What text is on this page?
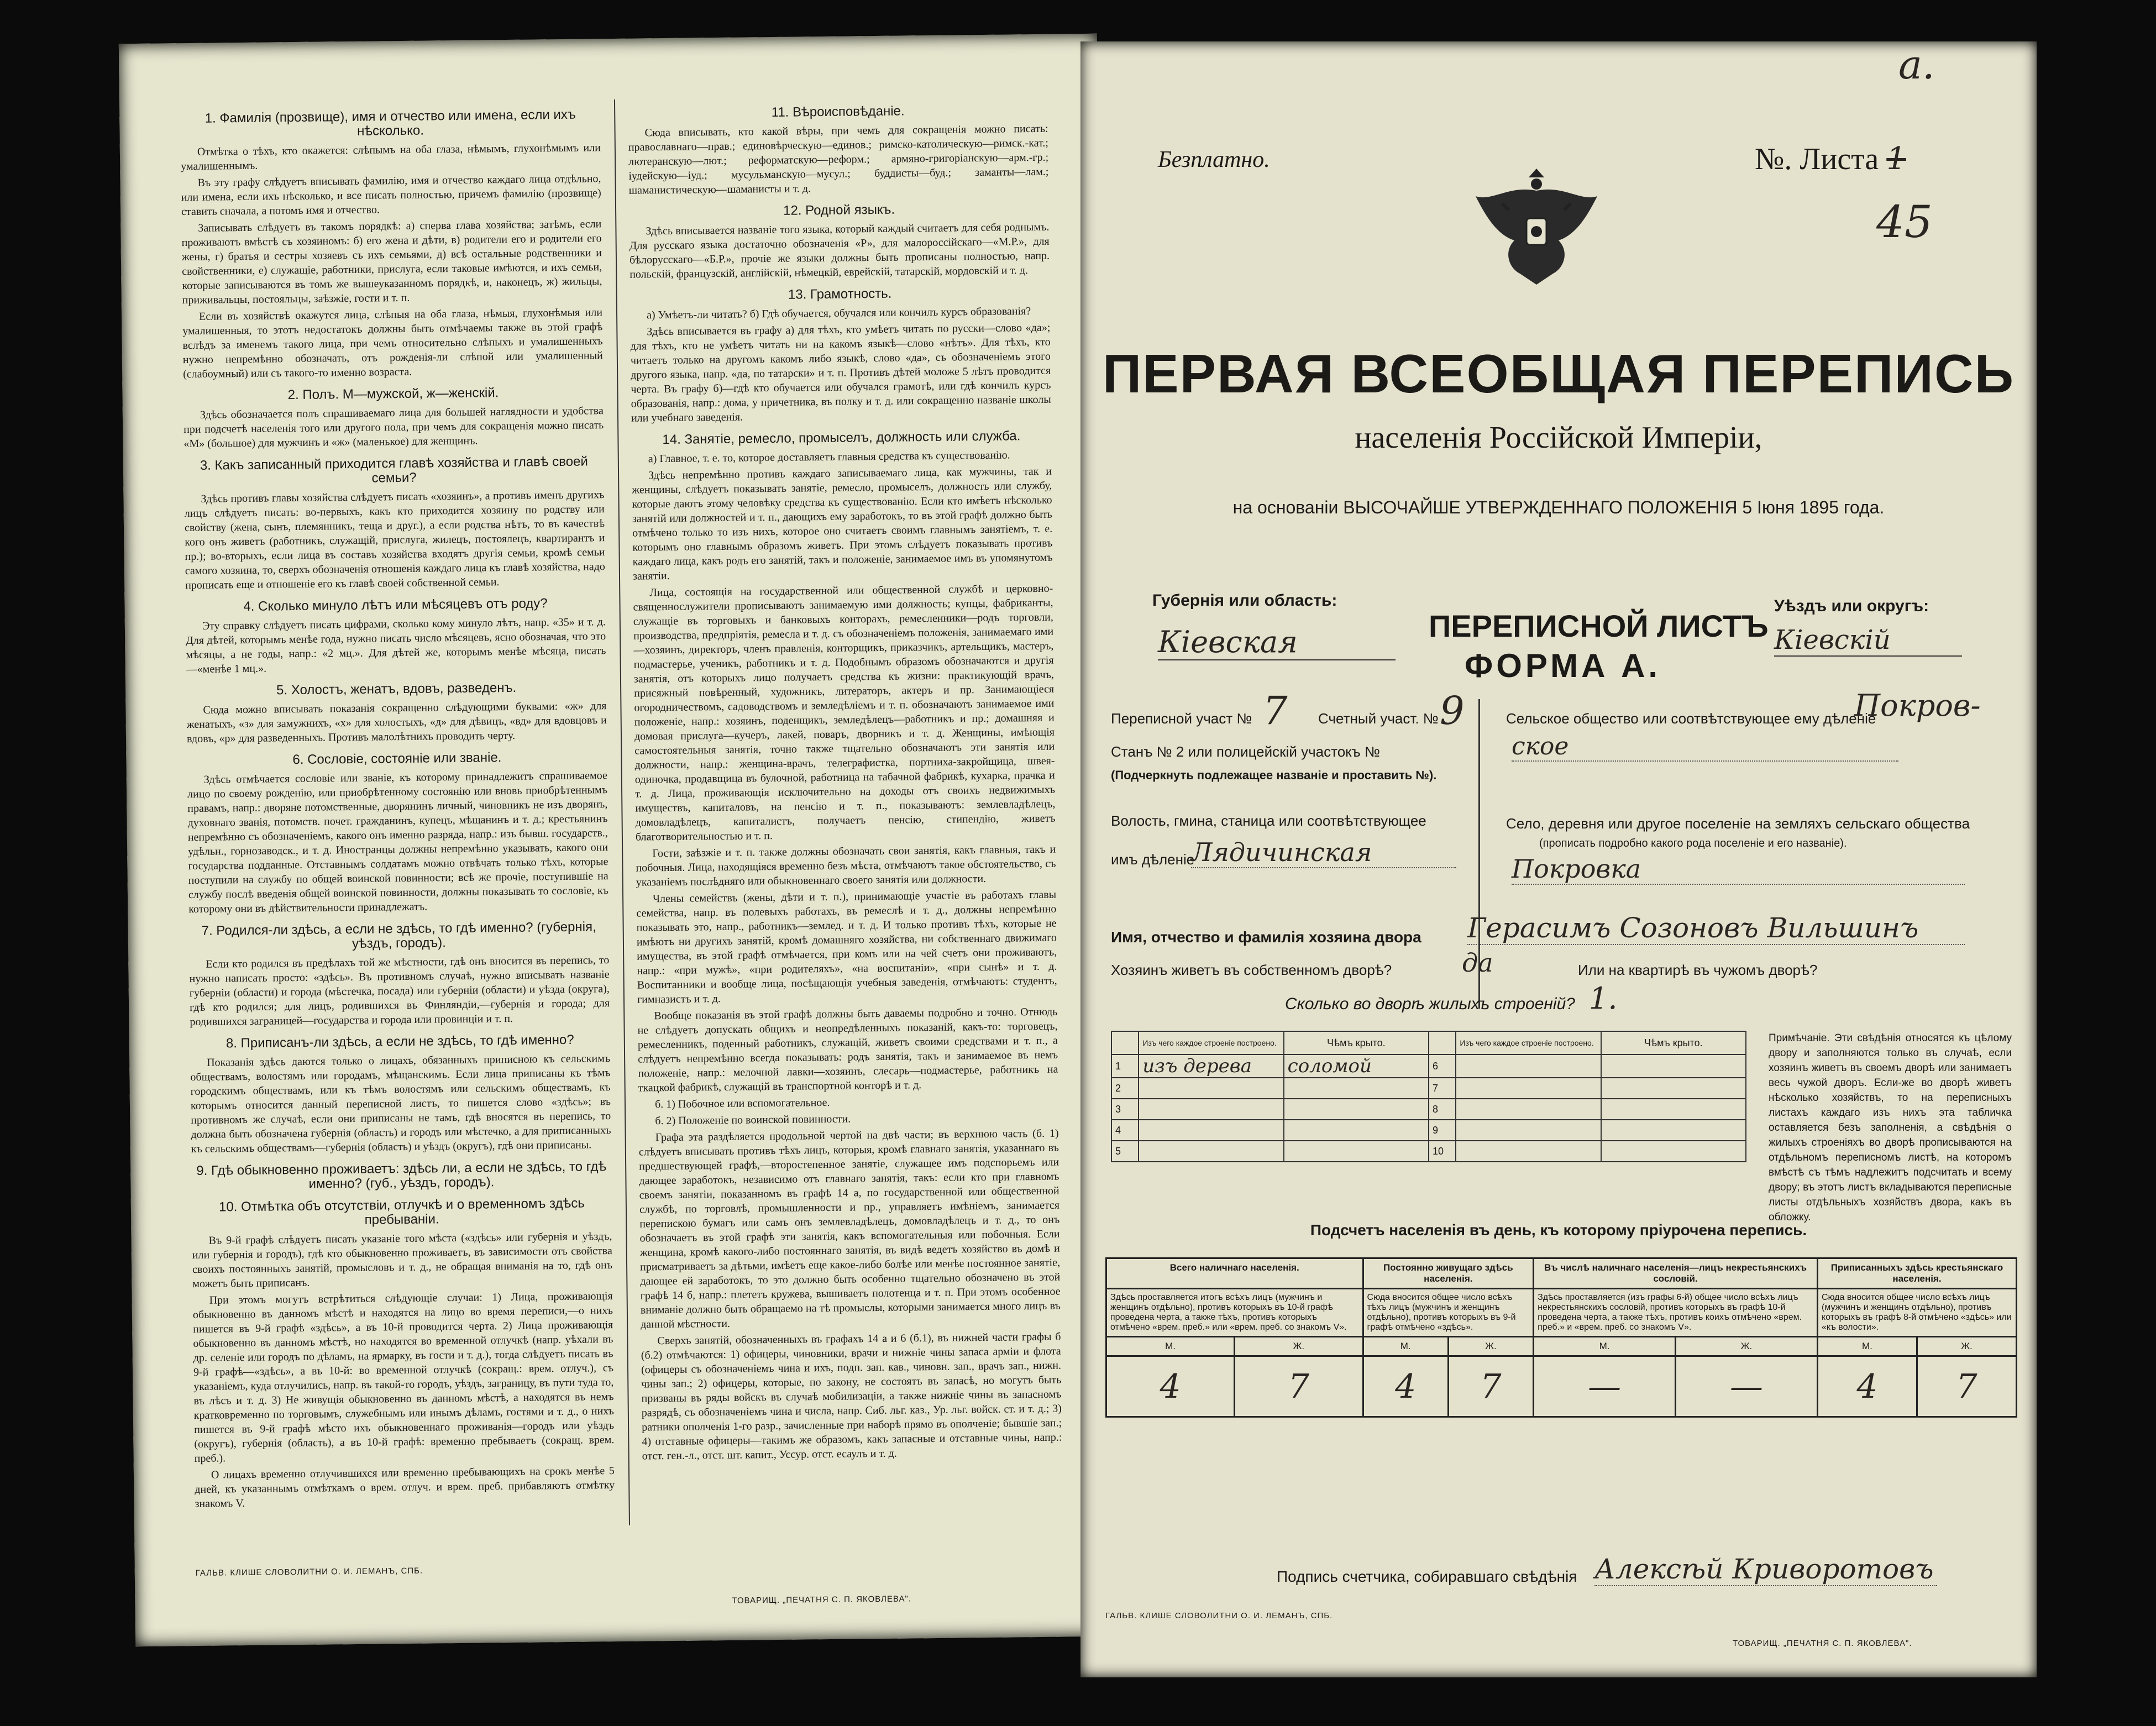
1. Фамилія (прозвище), имя и отчество или имена, если ихъ нѣсколько.

Отмѣтка о тѣхъ, кто окажется: слѣпымъ на оба глаза, нѣмымъ, глухонѣмымъ или умалишеннымъ.

Въ эту графу слѣдуетъ вписывать фамилію, имя и отчество каждаго лица отдѣльно, или имена, если ихъ нѣсколько, и все писать полностью, причемъ фамилію (прозвище) ставить сначала, а потомъ имя и отчество.

Записывать слѣдуетъ въ такомъ порядкѣ: а) сперва глава хозяйства; затѣмъ, если проживаютъ вмѣстѣ съ хозяиномъ: б) его жена и дѣти, в) родители его и родители его жены, г) братья и сестры хозяевъ съ ихъ семьями, д) всѣ остальные родственники и свойственники, е) служащіе, работники, прислуга, если таковые имѣются, и ихъ семьи, которые записываются въ томъ же вышеуказанномъ порядкѣ, и, наконецъ, ж) жильцы, приживальцы, постояльцы, заѣзжіе, гости и т. п.

Если въ хозяйствѣ окажутся лица, слѣпыя на оба глаза, нѣмыя, глухонѣмыя или умалишенныя, то этотъ недостатокъ должны быть отмѣчаемы также въ этой графѣ вслѣдъ за именемъ такого лица, при чемъ относительно слѣпыхъ и умалишенныхъ нужно непремѣнно обозначать, отъ рожденія-ли слѣпой или умалишенный (слабоумный) или съ такого-то именно возраста.

2. Полъ. М—мужской, ж—женскій.

Здѣсь обозначается полъ спрашиваемаго лица для большей наглядности и удобства при подсчетѣ населенія того или другого пола, при чемъ для сокращенія можно писать «М» (большое) для мужчинъ и «ж» (маленькое) для женщинъ.

3. Какъ записанный приходится главѣ хозяйства и главѣ своей семьи?

Здѣсь противъ главы хозяйства слѣдуетъ писать «хозяинъ», а противъ именъ другихъ лицъ слѣдуетъ писать: во-первыхъ, какъ кто приходится хозяину по родству или свойству (жена, сынъ, племянникъ, теща и друг.), а если родства нѣтъ, то въ качествѣ кого онъ живетъ (работникъ, служащій, прислуга, жилецъ, постоялецъ, квартирантъ и пр.); во-вторыхъ, если лица въ составъ хозяйства входятъ другія семьи, кромѣ семьи самого хозяина, то, сверхъ обозначенія отношенія каждаго лица къ главѣ хозяйства, надо прописать еще и отношеніе его къ главѣ своей собственной семьи.

4. Сколько минуло лѣтъ или мѣсяцевъ отъ роду?

Эту справку слѣдуетъ писать цифрами, сколько кому минуло лѣтъ, напр. «35» и т. д. Для дѣтей, которымъ менѣе года, нужно писать число мѣсяцевъ, ясно обозначая, что это мѣсяцы, а не годы, напр.: «2 мц.». Для дѣтей же, которымъ менѣе мѣсяца, писать—«менѣе 1 мц.».

5. Холостъ, женатъ, вдовъ, разведенъ.

Сюда можно вписывать показанія сокращенно слѣдующими буквами: «ж» для женатыхъ, «з» для замужнихъ, «х» для холостыхъ, «д» для дѣвицъ, «вд» для вдовцовъ и вдовъ, «р» для разведенныхъ. Противъ малолѣтнихъ проводить черту.

6. Сословіе, состояніе или званіе.

Здѣсь отмѣчается сословіе или званіе, къ которому принадлежитъ спрашиваемое лицо по своему рожденію, или приобрѣтенному состоянію или вновь приобрѣтеннымъ правамъ, напр.: дворяне потомственные, дворянинъ личный, чиновникъ не изъ дворянъ, духовнаго званія, потомств. почет. гражданинъ, купецъ, мѣщанинъ и т. д.; крестьянинъ непремѣнно съ обозначеніемъ, какого онъ именно разряда, напр.: изъ бывш. государств., удѣльн., горнозаводск., и т. д. Иностранцы должны непремѣнно указывать, какого они государства подданные. Отставнымъ солдатамъ можно отвѣчать только тѣхъ, которые поступили на службу по общей воинской повинности; всѣ же прочіе, поступившіе на службу послѣ введенія общей воинской повинности, должны показывать то сословіе, къ которому они въ дѣйствительности принадлежатъ.

7. Родился-ли здѣсь, а если не здѣсь, то гдѣ именно? (губернія, уѣздъ, городъ).

Если кто родился въ предѣлахъ той же мѣстности, гдѣ онъ вносится въ перепись, то нужно написать просто: «здѣсь». Въ противномъ случаѣ, нужно вписывать названіе губерніи (области) и города (мѣстечка, посада) или губерніи (области) и уѣзда (округа), гдѣ кто родился; для лицъ, родившихся въ Финляндіи,—губернія и города; для родившихся заграницей—государства и города или провинціи и т. п.

8. Приписанъ-ли здѣсь, а если не здѣсь, то гдѣ именно?

Показанія здѣсь даются только о лицахъ, обязанныхъ приписною къ сельскимъ обществамъ, волостямъ или городамъ, мѣщанскимъ. Если лица приписаны къ тѣмъ городскимъ обществамъ, или къ тѣмъ волостямъ или сельскимъ обществамъ, къ которымъ относится данный переписной листъ, то пишется слово «здѣсь»; въ противномъ же случаѣ, если они приписаны не тамъ, гдѣ вносятся въ перепись, то должна быть обозначена губернія (область) и городъ или мѣстечко, а для приписанныхъ къ сельскимъ обществамъ—губернія (область) и уѣздъ (округъ), гдѣ они приписаны.

9. Гдѣ обыкновенно проживаетъ: здѣсь ли, а если не здѣсь, то гдѣ именно? (губ., уѣздъ, городъ).
10. Отмѣтка объ отсутствіи, отлучкѣ и о временномъ здѣсь пребываніи.

Въ 9-й графѣ слѣдуетъ писать указаніе того мѣста («здѣсь» или губернія и уѣздъ, или губернія и городъ), гдѣ кто обыкновенно проживаетъ, въ зависимости отъ свойства своихъ постоянныхъ занятій, промысловъ и т. д., не обращая вниманія на то, гдѣ онъ можетъ быть приписанъ.

При этомъ могутъ встрѣтиться слѣдующіе случаи: 1) Лица, проживающія обыкновенно въ данномъ мѣстѣ и находятся на лицо во время переписи,—о нихъ пишется въ 9-й графѣ «здѣсь», а въ 10-й проводится черта. 2) Лица проживающія обыкновенно въ данномъ мѣстѣ, но находятся во временной отлучкѣ (напр. уѣхали въ др. селеніе или городъ по дѣламъ, на ярмарку, въ гости и т. д.), тогда слѣдуетъ писать въ 9-й графѣ—«здѣсь», а въ 10-й: во временной отлучкѣ (сокращ.: врем. отлуч.), съ указаніемъ, куда отлучились, напр. въ такой-то городъ, уѣздъ, заграницу, въ пути туда то, въ лѣсъ и т. д. 3) Не живущія обыкновенно въ данномъ мѣстѣ, а находятся въ немъ кратковременно по торговымъ, служебнымъ или инымъ дѣламъ, гостями и т. д., о нихъ пишется въ 9-й графѣ мѣсто ихъ обыкновеннаго проживанія—городъ или уѣздъ (округъ), губернія (область), а въ 10-й графѣ: временно пребываетъ (сокращ. врем. преб.).

О лицахъ временно отлучившихся или временно пребывающихъ на срокъ менѣе 5 дней, къ указаннымъ отмѣткамъ о врем. отлуч. и врем. преб. прибавляютъ отмѣтку знакомъ V.

11. Вѣроисповѣданіе.

Сюда вписывать, кто какой вѣры, при чемъ для сокращенія можно писать: православнаго—прав.; единовѣрческую—единов.; римско-католическую—римск.-кат.; лютеранскую—лют.; реформатскую—реформ.; армяно-григоріанскую—арм.-гр.; іудейскую—іуд.; мусульманскую—мусул.; буддисты—буд.; заманты—лам.; шаманистическую—шаманисты и т. д.

12. Родной языкъ.

Здѣсь вписывается названіе того языка, который каждый считаетъ для себя роднымъ. Для русскаго языка достаточно обозначенія «Р», для малороссійскаго—«М.Р.», для бѣлорусскаго—«Б.Р.», прочіе же языки должны быть прописаны полностью, напр. польскій, французскій, англійскій, нѣмецкій, еврейскій, татарскій, мордовскій и т. д.

13. Грамотность.

а) Умѣетъ-ли читать? б) Гдѣ обучается, обучался или кончилъ курсъ образованія?

Здѣсь вписывается въ графу а) для тѣхъ, кто умѣетъ читать по русски—слово «да»; для тѣхъ, кто не умѣетъ читать ни на какомъ языкѣ—слово «нѣтъ». Для тѣхъ, кто читаетъ только на другомъ какомъ либо языкѣ, слово «да», съ обозначеніемъ этого другого языка, напр. «да, по татарски» и т. п. Противъ дѣтей моложе 5 лѣтъ проводится черта. Въ графу б)—гдѣ кто обучается или обучался грамотѣ, или гдѣ кончилъ курсъ образованія, напр.: дома, у причетника, въ полку и т. д. или сокращенно названіе школы или учебнаго заведенія.

14. Занятіе, ремесло, промыселъ, должность или служба.

а) Главное, т. е. то, которое доставляетъ главныя средства къ существованію.

Здѣсь непремѣнно противъ каждаго записываемаго лица, как мужчины, так и женщины, слѣдуетъ показывать занятіе, ремесло, промыселъ, должность или службу, которые даютъ этому человѣку средства къ существованію. Если кто имѣетъ нѣсколько занятій или должностей и т. п., дающихъ ему заработокъ, то въ этой графѣ должно быть отмѣчено только то изъ нихъ, которое оно считаетъ своимъ главнымъ занятіемъ, т. е. которымъ оно главнымъ образомъ живетъ. При этомъ слѣдуетъ показывать противъ каждаго лица, какъ родъ его занятій, такъ и положеніе, занимаемое имъ въ упомянутомъ занятіи.

Лица, состоящія на государственной или общественной службѣ и церковно-священнослужители прописываютъ занимаемую ими должность; купцы, фабриканты, служащіе въ торговыхъ и банковыхъ конторахъ, ремесленники—родъ торговли, производства, предпріятія, ремесла и т. д. съ обозначеніемъ положенія, занимаемаго ими—хозяинъ, директоръ, членъ правленія, конторщикъ, приказчикъ, артельщикъ, мастеръ, подмастерье, ученикъ, работникъ и т. д. Подобнымъ образомъ обозначаются и другія занятія, отъ которыхъ лицо получаетъ средства къ жизни: практикующій врачъ, присяжный повѣренный, художникъ, литераторъ, актеръ и пр. Занимающіеся огородничествомъ, садоводствомъ и земледѣліемъ и т. п. обозначаютъ занимаемое ими положеніе, напр.: хозяинъ, поденщикъ, земледѣлецъ—работникъ и пр.; домашняя и домовая прислуга—кучеръ, лакей, поваръ, дворникъ и т. д. Женщины, имѣющія самостоятельныя занятія, точно также тщательно обозначаютъ эти занятія или должности, напр.: женщина-врачъ, телеграфистка, портниха-закройщица, швея-одиночка, продавщица въ булочной, работница на табачной фабрикѣ, кухарка, прачка и т. д. Лица, проживающія исключительно на доходы отъ своихъ недвижимыхъ имуществъ, капиталовъ, на пенсію и т. п., показываютъ: землевладѣлецъ, домовладѣлецъ, капиталистъ, получаетъ пенсію, стипендію, живетъ благотворительностью и т. п.

Гости, заѣзжіе и т. п. также должны обозначать свои занятія, какъ главныя, такъ и побочныя. Лица, находящіяся временно безъ мѣста, отмѣчаютъ такое обстоятельство, съ указаніемъ послѣдняго или обыкновеннаго своего занятія или должности.

Члены семействъ (жены, дѣти и т. п.), принимающіе участіе въ работахъ главы семейства, напр. въ полевыхъ работахъ, въ ремеслѣ и т. д., должны непремѣнно показывать это, напр., работникъ—землед. и т. д. И только противъ тѣхъ, которые не имѣютъ ни другихъ занятій, кромѣ домашняго хозяйства, ни собственнаго движимаго имущества, въ этой графѣ отмѣчается, при комъ или на чей счетъ они проживаютъ, напр.: «при мужѣ», «при родителяхъ», «на воспитаніи», «при сынѣ» и т. д. Воспитанники и вообще лица, посѣщающія учебныя заведенія, отмѣчаютъ: студентъ, гимназистъ и т. д.

Вообще показанія въ этой графѣ должны быть даваемы подробно и точно. Отнюдь не слѣдуетъ допускать общихъ и неопредѣленныхъ показаній, какъ-то: торговецъ, ремесленникъ, поденный работникъ, служащій, живетъ своими средствами и т. п., а слѣдуетъ непремѣнно всегда показывать: родъ занятія, такъ и занимаемое въ немъ положеніе, напр.: мелочной лавки—хозяинъ, слесарь—подмастерье, работникъ на ткацкой фабрикѣ, служащій въ транспортной конторѣ и т. д.

б. 1) Побочное или вспомогательное.

б. 2) Положеніе по воинской повинности.

Графа эта раздѣляется продольной чертой на двѣ части; въ верхнюю часть (б. 1) слѣдуетъ вписывать противъ тѣхъ лицъ, которыя, кромѣ главнаго занятія, указаннаго въ предшествующей графѣ,—второстепенное занятіе, служащее имъ подспорьемъ или дающее заработокъ, независимо отъ главнаго занятія, такъ: если кто при главномъ своемъ занятіи, показанномъ въ графѣ 14 а, по государственной или общественной службѣ, по торговлѣ, промышленности и пр., управляетъ имѣніемъ, занимается перепискою бумагъ или самъ онъ землевладѣлецъ, домовладѣлецъ и т. д., то онъ обозначаетъ въ этой графѣ эти занятія, какъ вспомогательныя или побочныя. Если женщина, кромѣ какого-либо постояннаго занятія, въ видѣ ведетъ хозяйство въ домѣ и присматриваетъ за дѣтьми, имѣетъ еще какое-либо болѣе или менѣе постоянное занятіе, дающее ей заработокъ, то это должно быть особенно тщательно обозначено въ этой графѣ 14 б, напр.: плететъ кружева, вышиваетъ полотенца и т. п. При этомъ особенное вниманіе должно быть обращаемо на тѣ промыслы, которыми занимается много лицъ въ данной мѣстности.

Сверхъ занятій, обозначенныхъ въ графахъ 14 а и 6 (б.1), въ нижней части графы б (б.2) отмѣчаются: 1) офицеры, чиновники, врачи и нижніе чины запаса армiи и флота (офицеры съ обозначеніемъ чина и ихъ, подп. зап. кав., чиновн. зап., врачъ зап., нижн. чины зап.; 2) офицеры, которые, по закону, не состоятъ въ запасѣ, но могутъ быть призваны въ ряды войскъ въ случаѣ мобилизаціи, а также нижніе чины въ запасномъ разрядѣ, съ обозначеніемъ чина и числа, напр. Сиб. льг. каз., Ур. льг. войск. ст. и т. д.; 3) ратники ополченія 1-го разр., зачисленные при наборѣ прямо въ ополченіе; бывшіе зап.; 4) отставные офицеры—такимъ же образомъ, какъ запасные и отставные чины, напр.: отст. ген.-л., отст. шт. капит., Уссур. отст. есаулъ и т. д.

ГАЛЬВ. КЛИШЕ СЛОВОЛИТНИ О. И. ЛЕМАНЪ, СПБ.
ТОВАРИЩ. „ПЕЧАТНЯ С. П. ЯКОВЛЕВА".
a.
Безплатно.	№. Листа 1
45
ПЕРВАЯ ВСЕОБЩАЯ ПЕРЕПИСЬ
населенія Россійской Имперіи,
на основаніи ВЫСОЧАЙШЕ УТВЕРЖДЕННАГО ПОЛОЖЕНІЯ 5 Іюня 1895 года.
Губернія или область:
Кіевская	ПЕРЕПИСНОЙ ЛИСТЪ
ФОРМА А.
Уѣздъ или округъ:
Кіевскій
Переписной участ № 7 Счетный участ. № 9
Станъ № 2 или полицейскій участокъ №
(Подчеркнуть подлежащее названіе и проставить №).
Сельское общество или соотвѣтствующее ему дѣленіе
Покров-
ское
Волость, гмина, станица или соотвѣтствующее
имъ дѣленіе
Лядичинская
Село, деревня или другое поселеніе на земляхъ сельскаго общества
(прописать подробно какого рода поселеніе и его названіе).
Покровка
Имя, отчество и фамилія хозяина двора Герасимъ Созоновъ Вильшинъ
Хозяинъ живетъ въ собственномъ дворѣ?	да	Или на квартирѣ въ чужомъ дворѣ?
Сколько во дворѣ жилыхъ строеній? 1.
	Изъ чего каждое строеніе построено.	Чѣмъ крыто.		Изъ чего каждое строеніе построено.	Чѣмъ крыто.
1	изъ дерева	соломой	6		
2			7		
3			8		
4			9		
5			10		
Примѣчаніе. Эти свѣдѣнія относятся къ цѣлому двору и заполняются только въ случаѣ, если хозяинъ живетъ въ своемъ дворѣ или занимаетъ весь чужой дворъ. Если-же во дворѣ живетъ нѣсколько хозяйствъ, то на переписныхъ листахъ каждаго изъ нихъ эта табличка оставляется безъ заполненія, а свѣдѣнія о жилыхъ строеніяхъ во дворѣ прописываются на отдѣльномъ переписномъ листѣ, на которомъ вмѣстѣ съ тѣмъ надлежитъ подсчитать и всему двору; въ этотъ листъ вкладываются переписные листы отдѣльныхъ хозяйствъ двора, какъ въ обложку.
Подсчетъ населенія въ день, къ которому пріурочена перепись.
Всего наличнаго населенія.		Постоянно живущаго здѣсь населенія.		Въ числѣ наличнаго населенія—лицъ некрестьянскихъ сословій.		Приписанныхъ здѣсь крестьянскаго населенія.	
Здѣсь проставляется итогъ всѣхъ лицъ (мужчинъ и женщинъ отдѣльно), противъ которыхъ въ 10-й графѣ проведена черта, а также тѣхъ, противъ которыхъ отмѣчено «врем. преб.» или «врем. преб. со знакомъ V».		Сюда вносится общее число всѣхъ тѣхъ лицъ (мужчинъ и женщинъ отдѣльно), противъ которыхъ въ 9-й графѣ отмѣчено «здѣсь».		Здѣсь проставляется (изъ графы 6-й) общее число всѣхъ лицъ некрестьянскихъ сословій, противъ которыхъ въ графѣ 10-й проведена черта, а также тѣхъ, противъ коихъ отмѣчено «врем. преб.» и «врем. преб. со знакомъ V».		Сюда вносится общее число всѣхъ лицъ (мужчинъ и женщинъ отдѣльно), противъ которыхъ въ графѣ 8-й отмѣчено «здѣсь» или «къ волости».	
М.	Ж.	М.	Ж.	М.	Ж.	М.	Ж.
4	7	4	7	—	—	4	7
Подпись счетчика, собиравшаго свѣдѣнія Алексѣй Криворотовъ
ГАЛЬВ. КЛИШЕ СЛОВОЛИТНИ О. И. ЛЕМАНЪ, СПБ.
ТОВАРИЩ. „ПЕЧАТНЯ С. П. ЯКОВЛЕВА".
